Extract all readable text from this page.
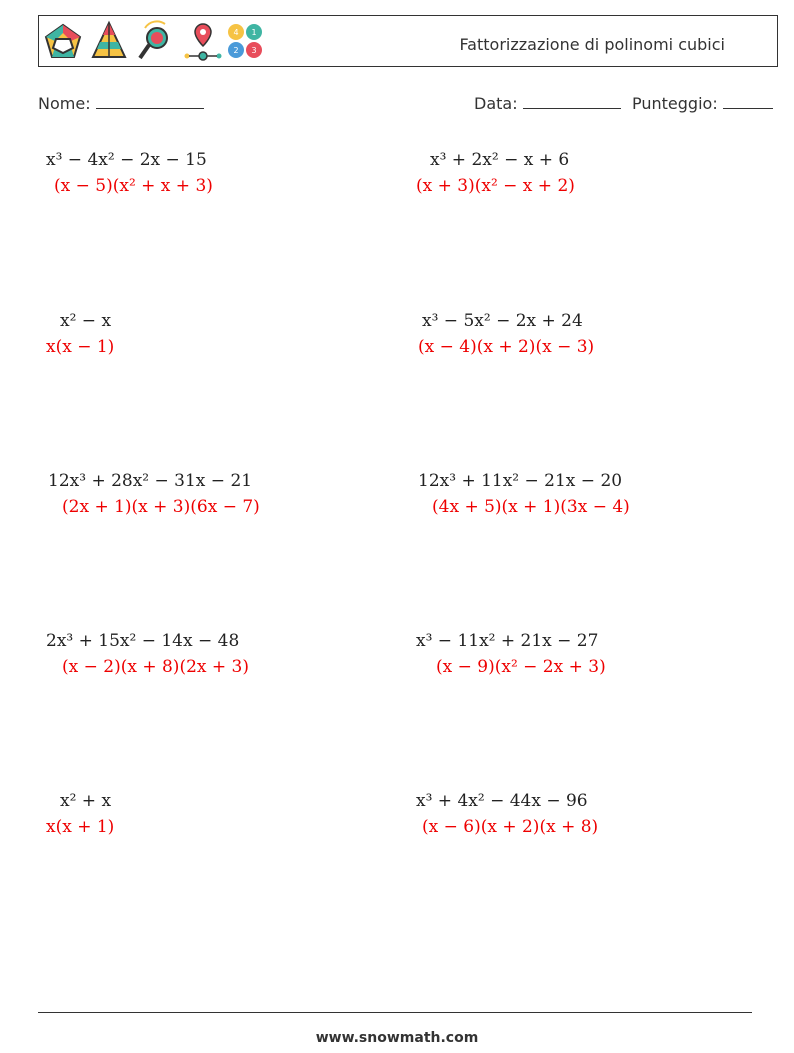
4 1
2 3	Fattorizzazione di polinomi cubici
Nome:	Data:	Punteggio:
x³ − 4x² − 2x − 15
(x − 5)(x² + x + 3)
x³ + 2x² − x + 6
(x + 3)(x² − x + 2)
x² − x
x(x − 1)
x³ − 5x² − 2x + 24
(x − 4)(x + 2)(x − 3)
12x³ + 28x² − 31x − 21
(2x + 1)(x + 3)(6x − 7)
12x³ + 11x² − 21x − 20
(4x + 5)(x + 1)(3x − 4)
2x³ + 15x² − 14x − 48
(x − 2)(x + 8)(2x + 3)
x³ − 11x² + 21x − 27
(x − 9)(x² − 2x + 3)
x² + x
x(x + 1)
x³ + 4x² − 44x − 96
(x − 6)(x + 2)(x + 8)
www.snowmath.com
